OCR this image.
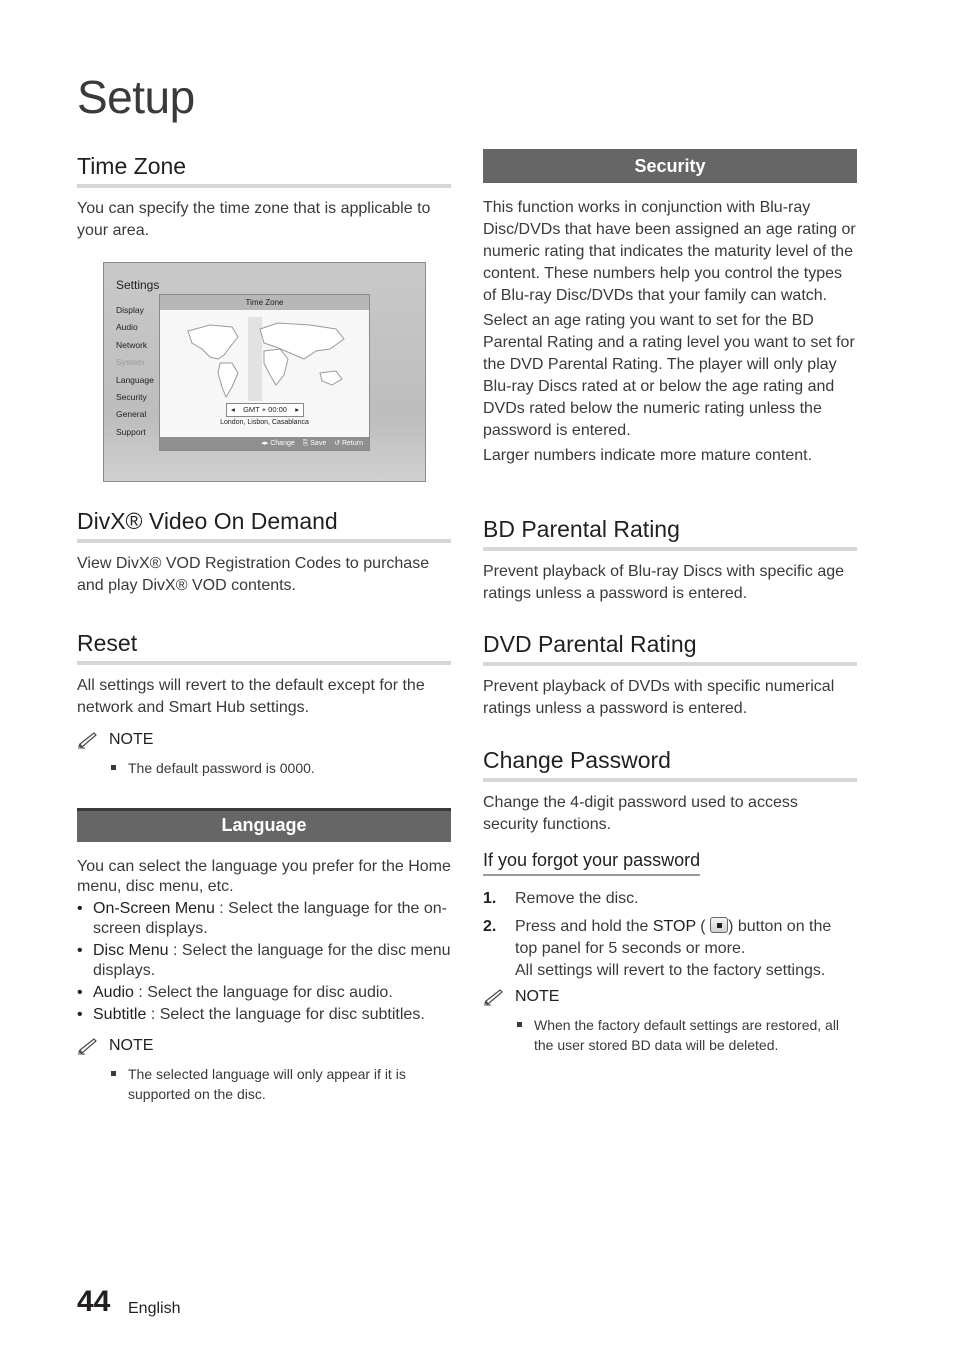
Setup
Time Zone
You can specify the time zone that is applicable to your area.
DivX® Video On Demand
View DivX® VOD Registration Codes to purchase and play DivX® VOD contents.
Reset
All settings will revert to the default except for the network and Smart Hub settings.
NOTE
The default password is 0000.
Language
You can select the language you prefer for the Home menu, disc menu, etc.
• On-Screen Menu : Select the language for the on-screen displays.
• Disc Menu : Select the language for the disc menu displays.
• Audio : Select the language for disc audio.
• Subtitle : Select the language for disc subtitles.
NOTE
The selected language will only appear if it is supported on the disc.
Settings
Display
Audio
Network
System
Language
Security
General
Support
Time Zone
◂ GMT + 00:00 ▸
London, Lisbon, Casablanca
◂▸ Change ⎘ Save ↺ Return
Security

This function works in conjunction with Blu-ray Disc/DVDs that have been assigned an age rating or numeric rating that indicates the maturity level of the content. These numbers help you control the types of Blu-ray Disc/DVDs that your family can watch.

Select an age rating you want to set for the BD Parental Rating and a rating level you want to set for the DVD Parental Rating. The player will only play Blu-ray Discs rated at or below the age rating and DVDs rated below the numeric rating unless the password is entered.

Larger numbers indicate more mature content.

BD Parental Rating
Prevent playback of Blu-ray Discs with specific age ratings unless a password is entered.
DVD Parental Rating
Prevent playback of DVDs with specific numerical ratings unless a password is entered.
Change Password
Change the 4-digit password used to access security functions.
If you forgot your password
1. Remove the disc.
2. Press and hold the STOP ( ) button on the top panel for 5 seconds or more.
All settings will revert to the factory settings.
NOTE
When the factory default settings are restored, all the user stored BD data will be deleted.
44 English
